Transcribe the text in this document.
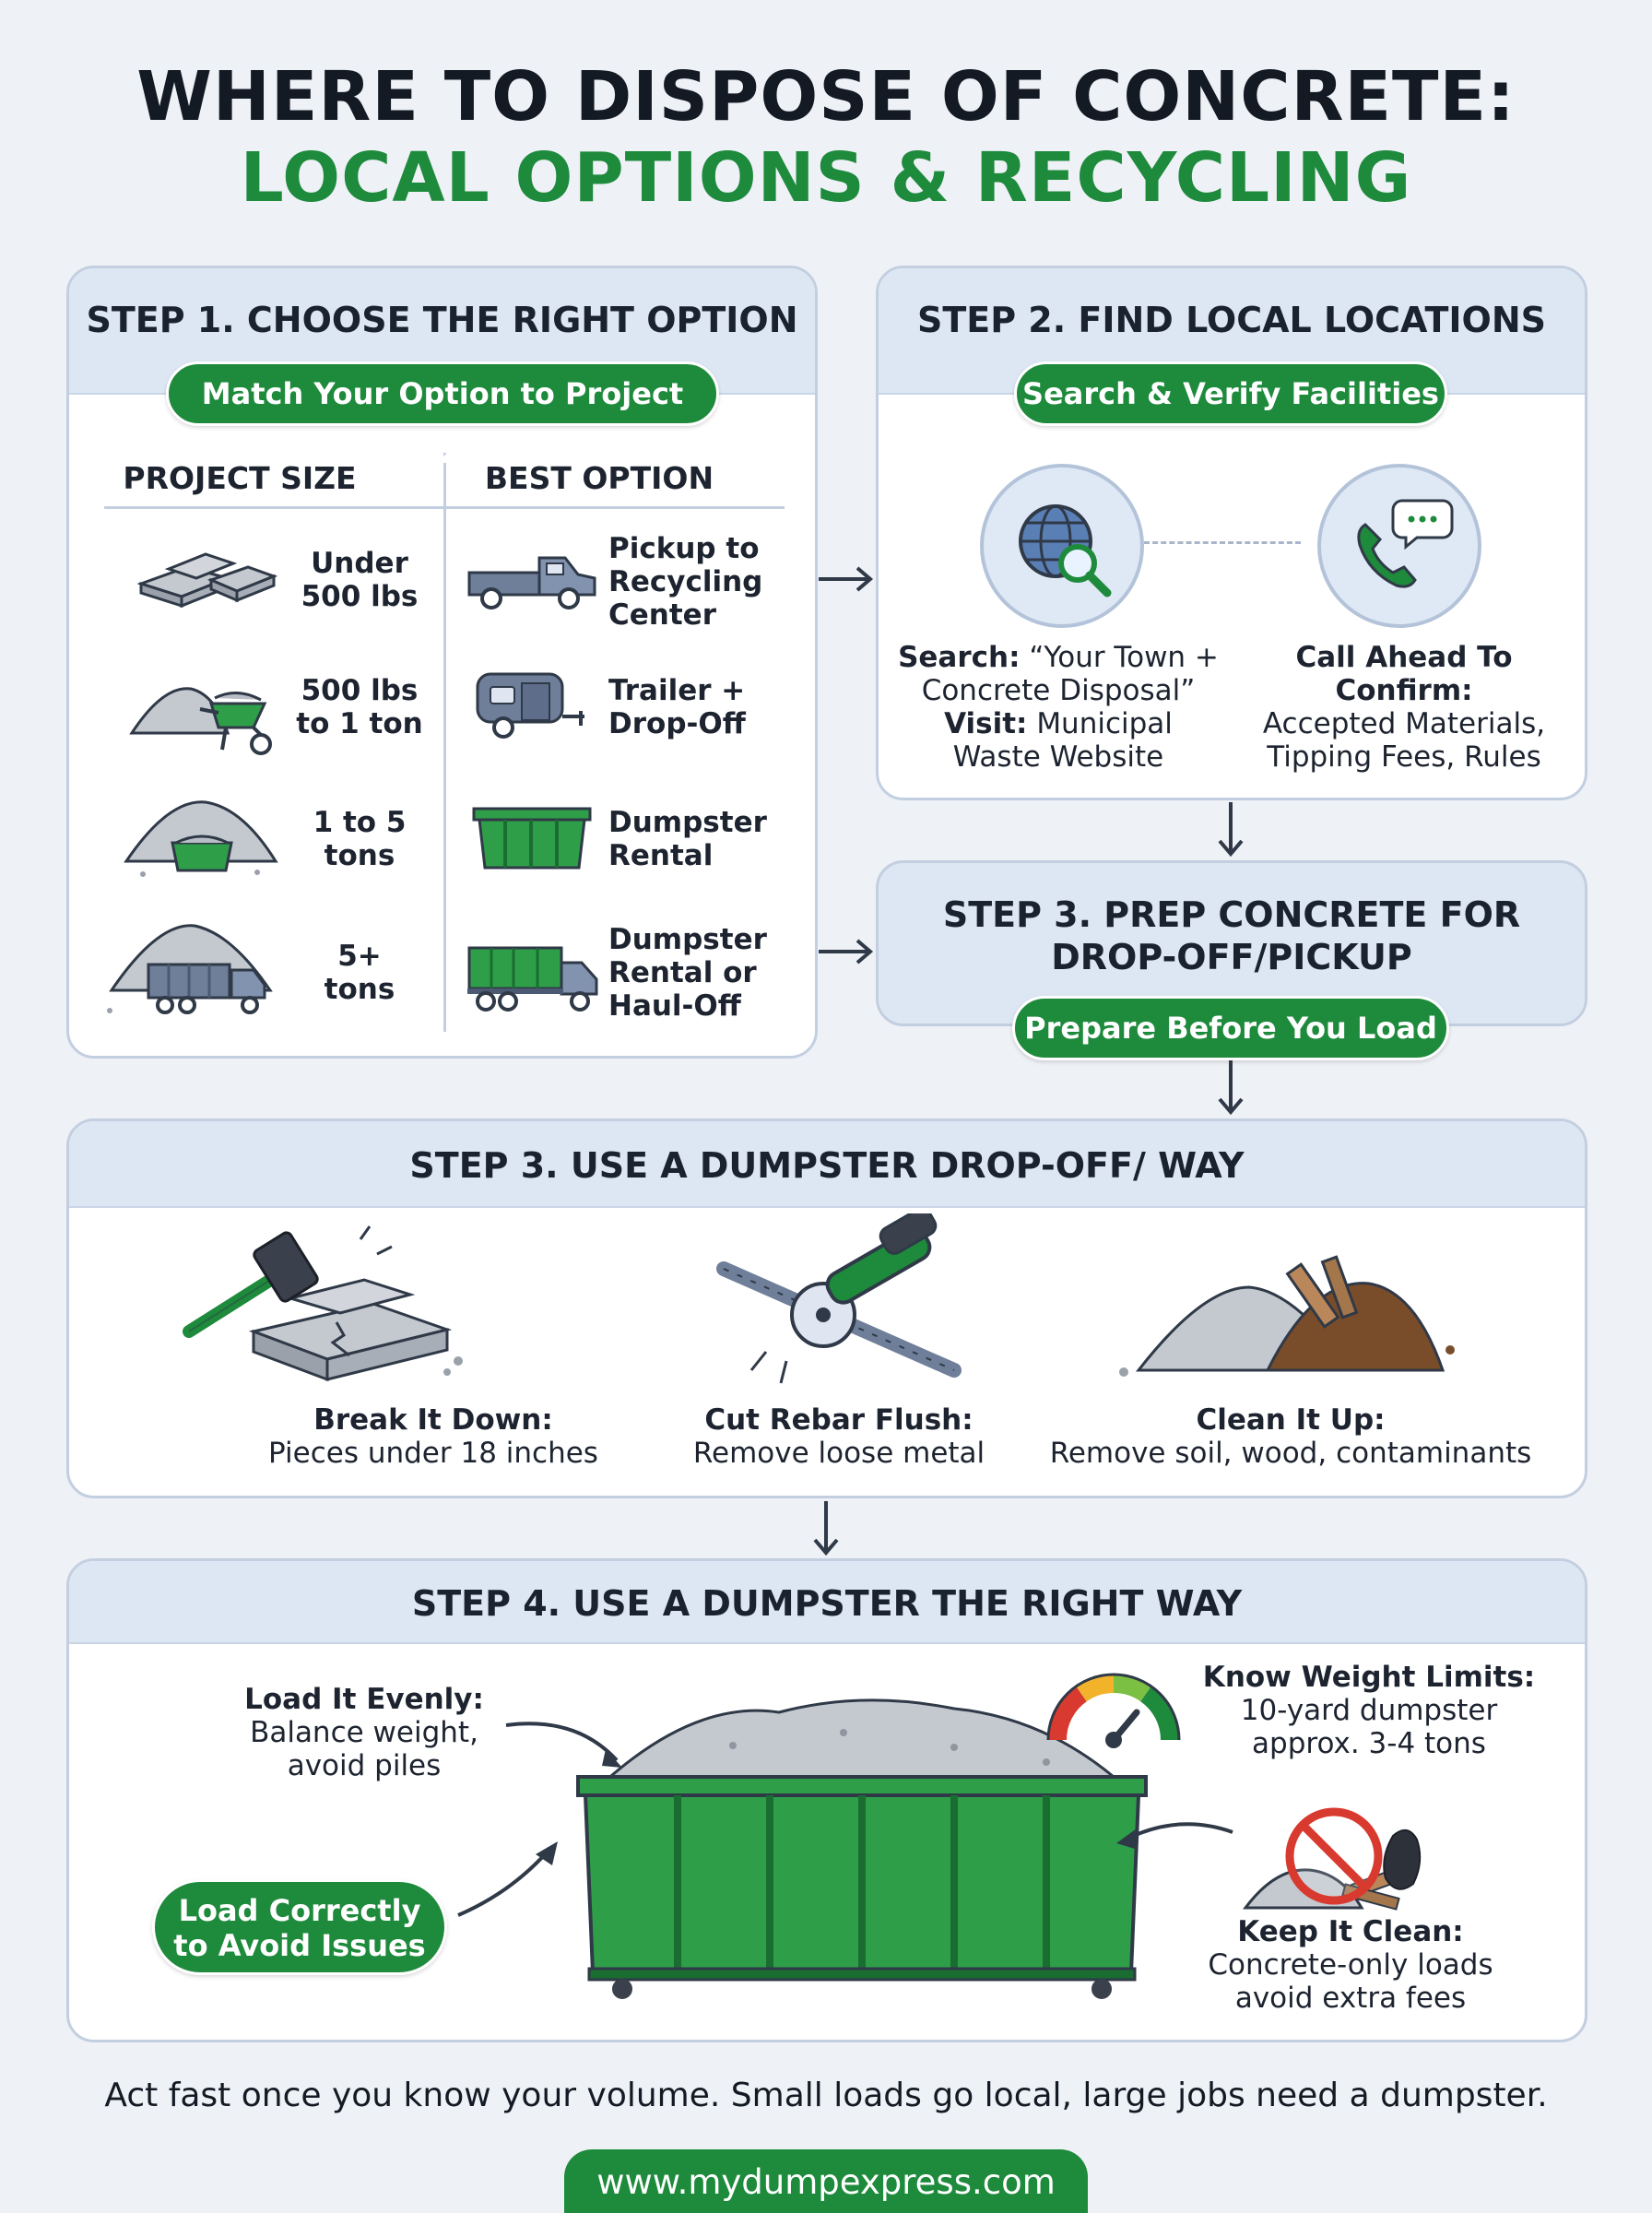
WHERE TO DISPOSE OF CONCRETE:
LOCAL OPTIONS & RECYCLING
STEP 1. CHOOSE THE RIGHT OPTION
PROJECT SIZE	BEST OPTION
Under
500 lbs
Pickup to
Recycling
Center
500 lbs
to 1 ton
Trailer +
Drop-Off
1 to 5
tons
Dumpster
Rental
5+
tons
Dumpster
Rental or
Haul-Off
Match Your Option to Project Size
STEP 2. FIND LOCAL LOCATIONS
Search: “Your Town +
Concrete Disposal”
Visit: Municipal
Waste Website
Call Ahead To Confirm:
Accepted Materials,
Tipping Fees, Rules
Search & Verify Facilities
STEP 3. PREP CONCRETE FOR
DROP-OFF/PICKUP
Prepare Before You Load
STEP 3. USE A DUMPSTER DROP-OFF/ WAY
Break It Down:
Pieces under 18 inches
Cut Rebar Flush:
Remove loose metal
Clean It Up:
Remove soil, wood, contaminants
STEP 4. USE A DUMPSTER THE RIGHT WAY
Load It Evenly:
Balance weight,
avoid piles
Know Weight Limits:
10-yard dumpster
approx. 3-4 tons
Keep It Clean:
Concrete-only loads
avoid extra fees
Load Correctly
to Avoid Issues
Act fast once you know your volume. Small loads go local, large jobs need a dumpster.
www.mydumpexpress.com
